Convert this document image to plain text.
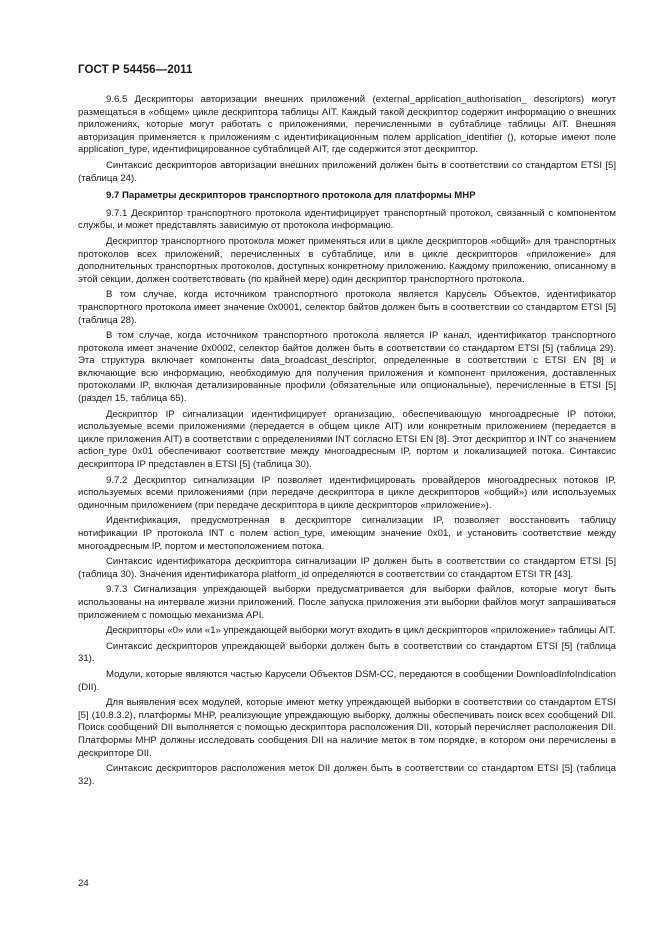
ГОСТ Р 54456—2011

9.6.5 Дескрипторы авторизации внешних приложений (external_application_authorisation_ descriptors) могут размещаться в «общем» цикле дескриптора таблицы AIT. Каждый такой дескриптор содержит информацию о внешних приложениях, которые могут работать с приложениями, перечисленными в субтаблице таблицы AIT. Внешняя авторизация применяется к приложениям с идентификационным полем application_identifier (), которые имеют поле application_type, идентифицированное субтаблицей AIT, где содержится этот дескриптор.

Синтаксис дескрипторов авторизации внешних приложений должен быть в соответствии со стандартом ETSI [5] (таблица 24).

9.7 Параметры дескрипторов транспортного протокола для платформы MHP

9.7.1 Дескриптор транспортного протокола идентифицирует транспортный протокол, связанный с компонентом службы, и может представлять зависимую от протокола информацию.

Дескриптор транспортного протокола может применяться или в цикле дескрипторов «общий» для транспортных протоколов всех приложений, перечисленных в субтаблице, или в цикле дескрипторов «приложение» для дополнительных транспортных протоколов, доступных конкретному приложению. Каждому приложению, описанному в этой секции, должен соответствовать (по крайней мере) один дескриптор транспортного протокола.

В том случае, когда источником транспортного протокола является Карусель Объектов, идентификатор транспортного протокола имеет значение 0x0001, селектор байтов должен быть в соответствии со стандартом ETSI [5] (таблица 28).

В том случае, когда источником транспортного протокола является IP канал, идентификатор транспортного протокола имеет значение 0x0002, селектор байтов должен быть в соответствии со стандартом ETSI [5] (таблица 29). Эта структура включает компоненты data_broadcast_descriptor, определенные в соответствии с ETSI EN [8] и включающие всю информацию, необходимую для получения приложения и компонент приложения, доставленных протоколами IP, включая детализированные профили (обязательные или опциональные), перечисленные в ETSI [5] (раздел 15, таблица 65).

Дескриптор IP сигнализации идентифицирует организацию, обеспечивающую многоадресные IP потоки, используемые всеми приложениями (передается в общем цикле AIT) или конкретным приложением (передается в цикле приложения AIT) в соответствии с определениями INT согласно ETSI EN [8]. Этот дескриптор и INT со значением action_type 0x01 обеспечивают соответствие между многоадресным IP, портом и локализацией потока. Синтаксис дескриптора IP представлен в ETSI [5] (таблица 30).

9.7.2 Дескриптор сигнализации IP позволяет идентифицировать провайдеров многоадресных потоков IP, используемых всеми приложениями (при передаче дескриптора в цикле дескрипторов «общий») или используемых одиночным приложением (при передаче дескриптора в цикле дескрипторов «приложение»).

Идентификация, предусмотренная в дескрипторе сигнализации IP, позволяет восстановить таблицу нотификации IP протокола INT с полем action_type, имеющим значение 0x01, и установить соответствие между многоадресным IP, портом и местоположением потока.

Синтаксис идентификатора дескриптора сигнализации IP должен быть в соответствии со стандартом ETSI [5] (таблица 30). Значения идентификатора platform_id определяются в соответствии со стандартом ETSI TR [43].

9.7.3 Сигнализация упреждающей выборки предусматривается для выборки файлов, которые могут быть использованы на интервале жизни приложений. После запуска приложения эти выборки файлов могут запрашиваться приложением с помощью механизма API.

Дескрипторы «0» или «1» упреждающей выборки могут входить в цикл дескрипторов «приложение» таблицы AIT.

Синтаксис дескрипторов упреждающей выборки должен быть в соответствии со стандартом ETSI [5] (таблица 31).

Модули, которые являются частью Карусели Объектов DSM-CC, передаются в сообщении DownloadInfoIndication (DII).

Для выявления всех модулей, которые имеют метку упреждающей выборки в соответствии со стандартом ETSI [5] (10.8.3.2), платформы MHP, реализующие упреждающую выборку, должны обеспечивать поиск всех сообщений DII. Поиск сообщений DII выполняется с помощью дескриптора расположения DII, который перечисляет расположения DII. Платформы MHP должны исследовать сообщения DII на наличие меток в том порядке, в котором они перечислены в дескрипторе DII.

Синтаксис дескрипторов расположения меток DII должен быть в соответствии со стандартом ETSI [5] (таблица 32).

24
